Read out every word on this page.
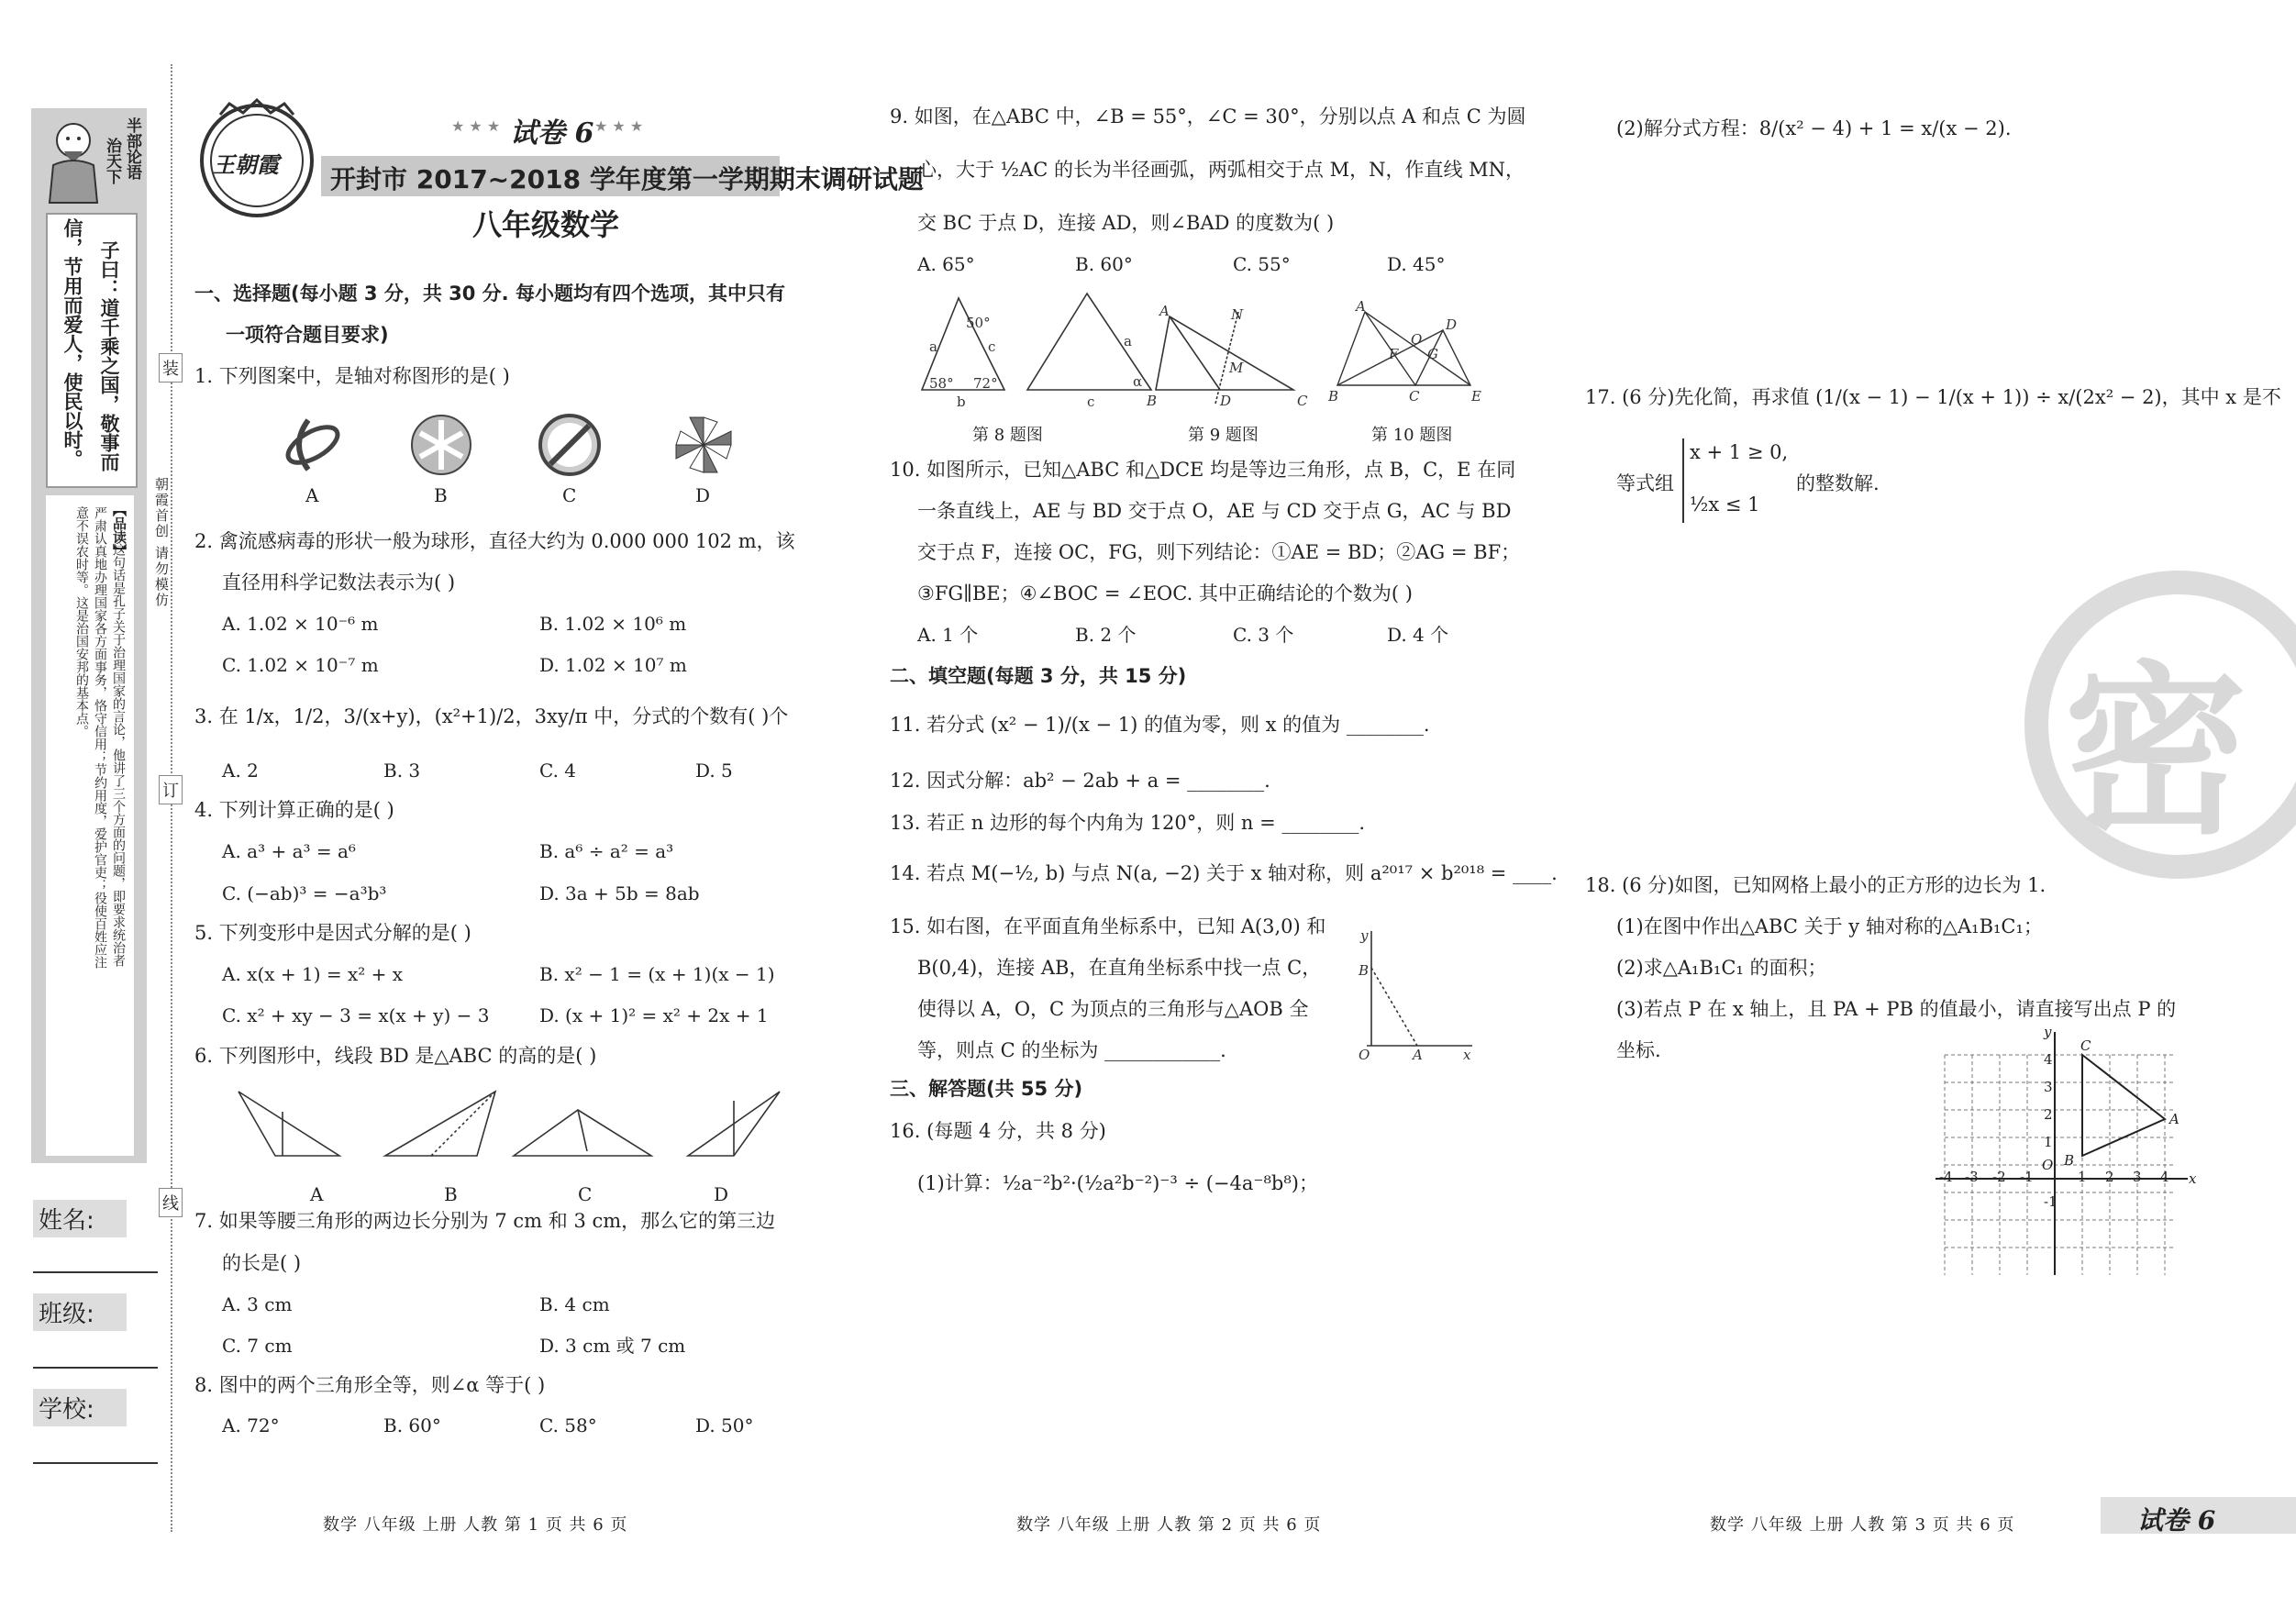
半部论语
治天下
子曰：道千乘之国，敬事而
信，节用而爱人，使民以时。
【品读】
这句话是孔子关于治理国家的言论，他讲了三个方面的问题，即要求统治者
严肃认真地办理国家各方面事务，恪守信用；节约用度，爱护官吏；役使百姓应注
意不误农时等。这是治国安邦的基本点。
装
订
线
朝霞首创 请勿模仿
姓名:
班级:
学校:
王朝霞
★ ★ ★ 试卷 6 ★ ★ ★
开封市 2017~2018 学年度第一学期期末调研试题
八年级数学
一、选择题(每小题 3 分，共 30 分. 每小题均有四个选项，其中只有
一项符合题目要求)
1. 下列图案中，是轴对称图形的是( )
A	B	C	D
2. 禽流感病毒的形状一般为球形，直径大约为 0.000 000 102 m，该
直径用科学记数法表示为( )
A. 1.02 × 10⁻⁶ m	B. 1.02 × 10⁶ m
C. 1.02 × 10⁻⁷ m	D. 1.02 × 10⁷ m
3. 在 1/x，1/2，3/(x+y)，(x²+1)/2，3xy/π 中，分式的个数有( )个
A. 2	B. 3	C. 4	D. 5
4. 下列计算正确的是( )
A. a³ + a³ = a⁶	B. a⁶ ÷ a² = a³
C. (−ab)³ = −a³b³	D. 3a + 5b = 8ab
5. 下列变形中是因式分解的是( )
A. x(x + 1) = x² + x	B. x² − 1 = (x + 1)(x − 1)
C. x² + xy − 3 = x(x + y) − 3	D. (x + 1)² = x² + 2x + 1
6. 下列图形中，线段 BD 是△ABC 的高的是( )
A	B	C	D
7. 如果等腰三角形的两边长分别为 7 cm 和 3 cm，那么它的第三边
的长是( )
A. 3 cm	B. 4 cm
C. 7 cm	D. 3 cm 或 7 cm
8. 图中的两个三角形全等，则∠α 等于( )
A. 72°	B. 60°	C. 58°	D. 50°
9. 如图，在△ABC 中，∠B = 55°，∠C = 30°，分别以点 A 和点 C 为圆
心，大于 ½AC 的长为半径画弧，两弧相交于点 M，N，作直线 MN，
交 BC 于点 D，连接 AD，则∠BAD 的度数为( )
A. 65°	B. 60°	C. 55°	D. 45°
50°
58° 72°
a	c
b
a
c
α
A
B	C
D
N
M
A
B	C	E
D
O
F G
第 8 题图	第 9 题图	第 10 题图
10. 如图所示，已知△ABC 和△DCE 均是等边三角形，点 B，C，E 在同
一条直线上，AE 与 BD 交于点 O，AE 与 CD 交于点 G，AC 与 BD
交于点 F，连接 OC，FG，则下列结论：①AE = BD；②AG = BF；
③FG∥BE；④∠BOC = ∠EOC. 其中正确结论的个数为( )
A. 1 个	B. 2 个	C. 3 个	D. 4 个
二、填空题(每题 3 分，共 15 分)
11. 若分式 (x² − 1)/(x − 1) 的值为零，则 x 的值为 ________.
12. 因式分解：ab² − 2ab + a = ________.
13. 若正 n 边形的每个内角为 120°，则 n = ________.
14. 若点 M(−½, b) 与点 N(a, −2) 关于 x 轴对称，则 a²⁰¹⁷ × b²⁰¹⁸ = ____.
15. 如右图，在平面直角坐标系中，已知 A(3,0) 和
B(0,4)，连接 AB，在直角坐标系中找一点 C，
使得以 A，O，C 为顶点的三角形与△AOB 全
等，则点 C 的坐标为 ____________.
y
B
O	A	x
三、解答题(共 55 分)
16. (每题 4 分，共 8 分)
(1)计算：½a⁻²b²·(½a²b⁻²)⁻³ ÷ (−4a⁻⁸b⁸)；
(2)解分式方程：8/(x² − 4) + 1 = x/(x − 2).
17. (6 分)先化简，再求值 (1/(x − 1) − 1/(x + 1)) ÷ x/(2x² − 2)，其中 x 是不
等式组
x + 1 ≥ 0,
½x ≤ 1
的整数解.
18. (6 分)如图，已知网格上最小的正方形的边长为 1.
(1)在图中作出△ABC 关于 y 轴对称的△A₁B₁C₁；
(2)求△A₁B₁C₁ 的面积；
(3)若点 P 在 x 轴上，且 PA + PB 的值最小，请直接写出点 P 的
坐标.
y
x
O
C
A
B
4
3
2
1
-1
-4 -3 -2 -1	1 2 3 4
密
数学 八年级 上册 人教 第 1 页 共 6 页	数学 八年级 上册 人教 第 2 页 共 6 页	数学 八年级 上册 人教 第 3 页 共 6 页	试卷 6
